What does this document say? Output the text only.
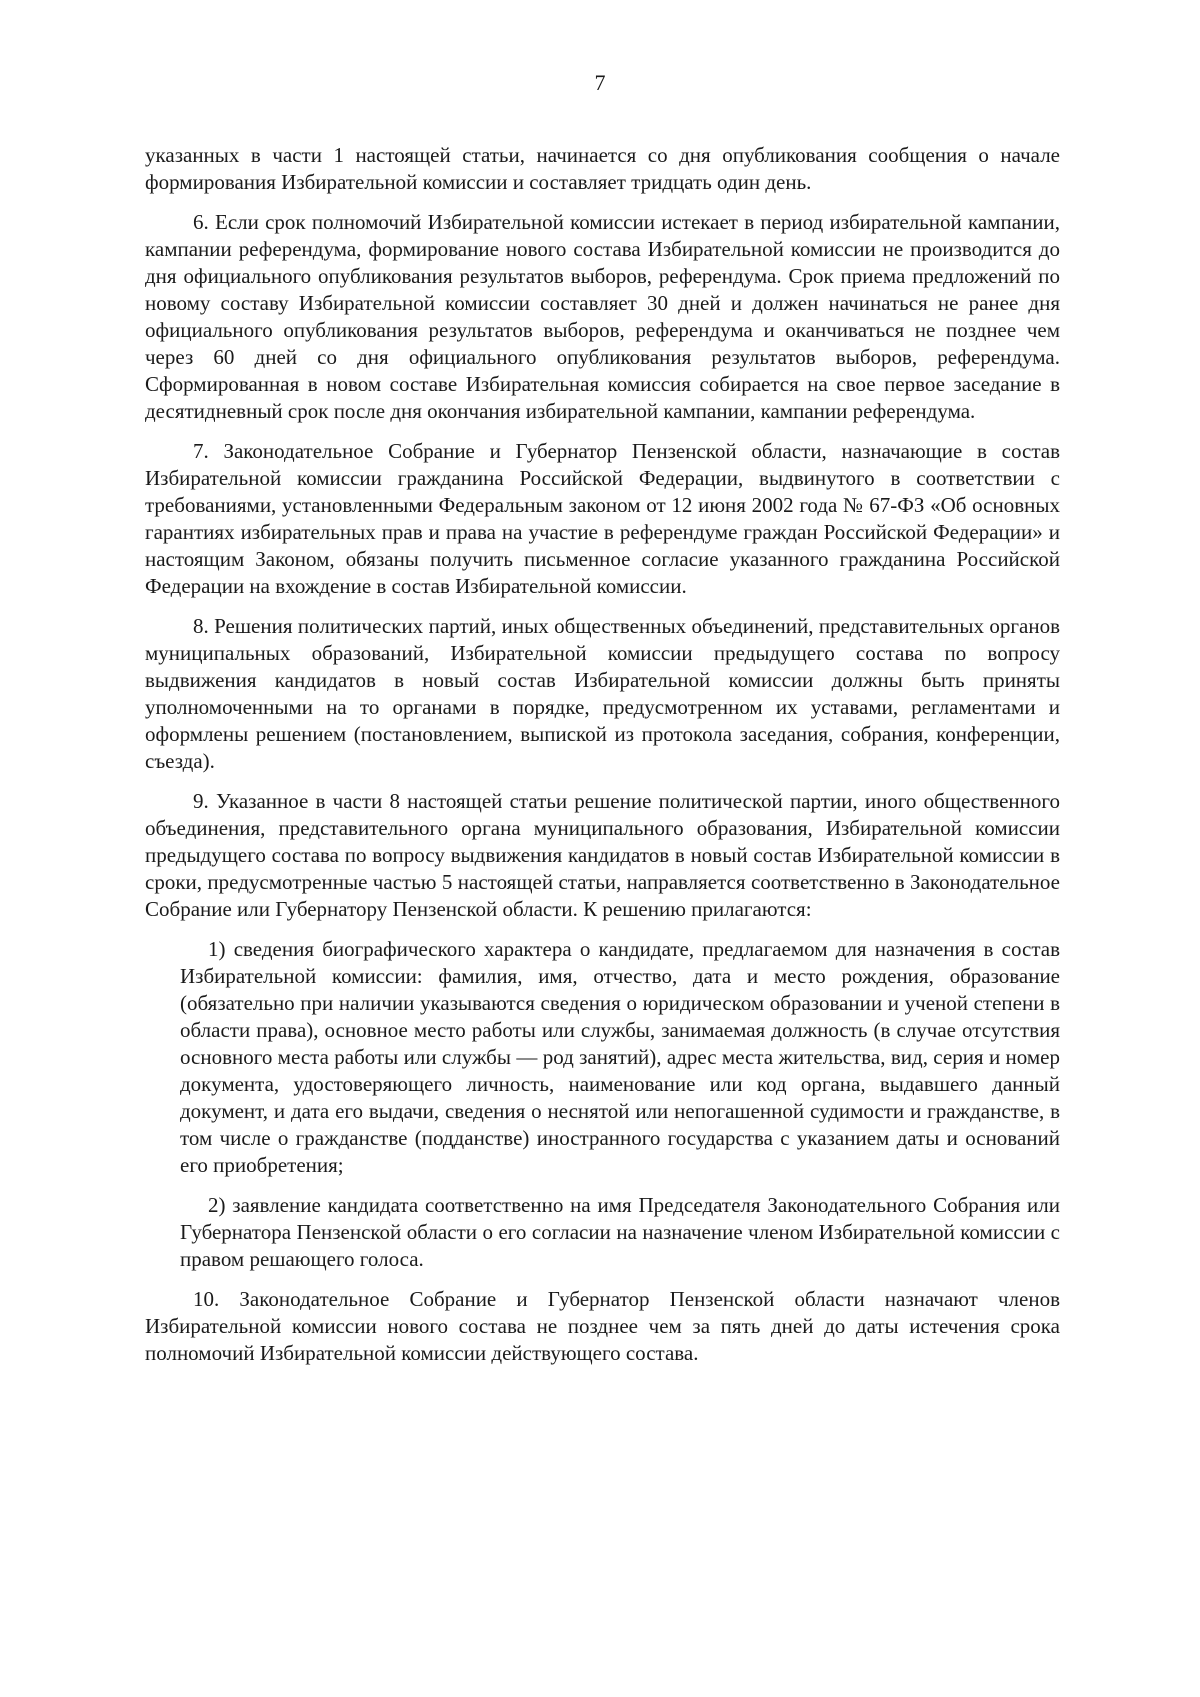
7

указанных в части 1 настоящей статьи, начинается со дня опубликования сообщения о начале формирования Избирательной комиссии и составляет тридцать один день.

6. Если срок полномочий Избирательной комиссии истекает в период избирательной кампании, кампании референдума, формирование нового состава Избирательной комиссии не производится до дня официального опубликования результатов выборов, референдума. Срок приема предложений по новому составу Избирательной комиссии составляет 30 дней и должен начинаться не ранее дня официального опубликования результатов выборов, референдума и оканчиваться не позднее чем через 60 дней со дня официального опубликования результатов выборов, референдума. Сформированная в новом составе Избирательная комиссия собирается на свое первое заседание в десятидневный срок после дня окончания избирательной кампании, кампании референдума.

7. Законодательное Собрание и Губернатор Пензенской области, назначающие в состав Избирательной комиссии гражданина Российской Федерации, выдвинутого в соответствии с требованиями, установленными Федеральным законом от 12 июня 2002 года № 67-ФЗ «Об основных гарантиях избирательных прав и права на участие в референдуме граждан Российской Федерации» и настоящим Законом, обязаны получить письменное согласие указанного гражданина Российской Федерации на вхождение в состав Избирательной комиссии.

8. Решения политических партий, иных общественных объединений, представительных органов муниципальных образований, Избирательной комиссии предыдущего состава по вопросу выдвижения кандидатов в новый состав Избирательной комиссии должны быть приняты уполномоченными на то органами в порядке, предусмотренном их уставами, регламентами и оформлены решением (постановлением, выпиской из протокола заседания, собрания, конференции, съезда).

9. Указанное в части 8 настоящей статьи решение политической партии, иного общественного объединения, представительного органа муниципального образования, Избирательной комиссии предыдущего состава по вопросу выдвижения кандидатов в новый состав Избирательной комиссии в сроки, предусмотренные частью 5 настоящей статьи, направляется соответственно в Законодательное Собрание или Губернатору Пензенской области. К решению прилагаются:

1) сведения биографического характера о кандидате, предлагаемом для назначения в состав Избирательной комиссии: фамилия, имя, отчество, дата и место рождения, образование (обязательно при наличии указываются сведения о юридическом образовании и ученой степени в области права), основное место работы или службы, занимаемая должность (в случае отсутствия основного места работы или службы — род занятий), адрес места жительства, вид, серия и номер документа, удостоверяющего личность, наименование или код органа, выдавшего данный документ, и дата его выдачи, сведения о неснятой или непогашенной судимости и гражданстве, в том числе о гражданстве (подданстве) иностранного государства с указанием даты и оснований его приобретения;

2) заявление кандидата соответственно на имя Председателя Законодательного Собрания или Губернатора Пензенской области о его согласии на назначение членом Избирательной комиссии с правом решающего голоса.

10. Законодательное Собрание и Губернатор Пензенской области назначают членов Избирательной комиссии нового состава не позднее чем за пять дней до даты истечения срока полномочий Избирательной комиссии действующего состава.
